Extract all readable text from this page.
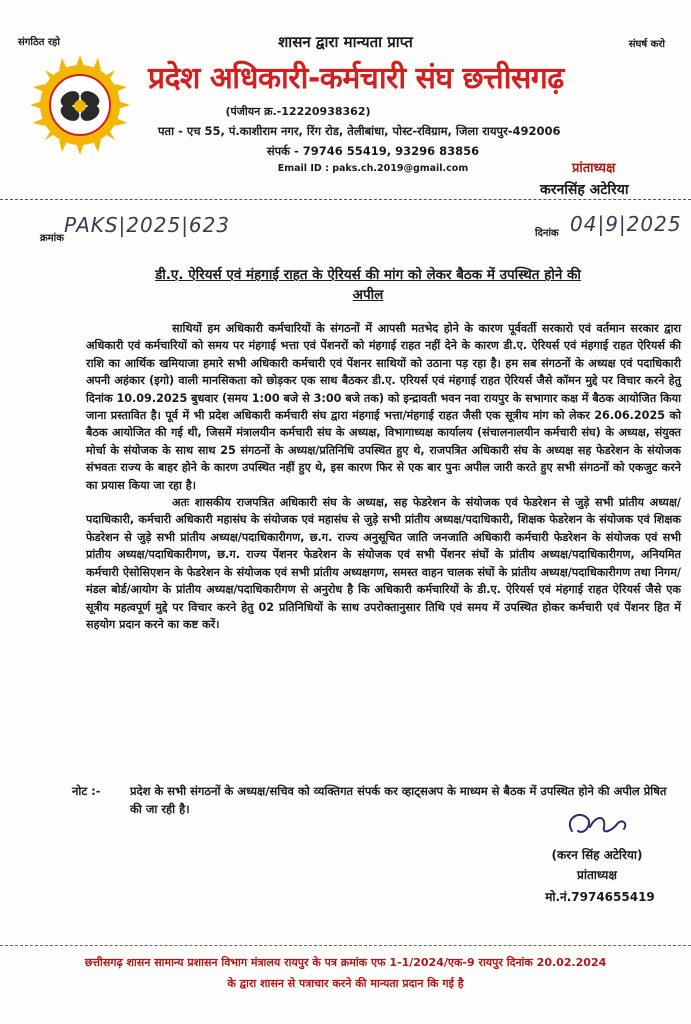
संगठित रहो	शासन द्वारा मान्यता प्राप्त	संघर्ष करो
प्रदेश अधिकारी-कर्मचारी संघ छत्तीसगढ़
(पंजीयन क्र.-12220938362)
पता - एच 55, पं.काशीराम नगर, रिंग रोड, तेलीबांधा, पोस्ट-रविग्राम, जिला रायपुर-492006
संपर्क - 79746 55419, 93296 83856
Email ID : paks.ch.2019@gmail.com	प्रांताध्यक्ष
करनसिंह अटेरिया
क्रमांक
PAKS|2025|623	दिनांक 04|9|2025
डी.ए. ऐरियर्स एवं मंहगाई राहत के ऐरियर्स की मांग को लेकर बैठक में उपस्थित होने की
अपील

साथियों हम अधिकारी कर्मचारियों के संगठनों में आपसी मतभेद होने के कारण पूर्ववर्ती सरकारो एवं वर्तमान सरकार द्वारा अधिकारी एवं कर्मचारियों को समय पर मंहगाई भत्ता एवं पेंशनरों को मंहगाई राहत नहीं देने के कारण डी.ए. ऐरियर्स एवं मंहगाई राहत ऐरियर्स की राशि का आर्थिक खमियाजा हमारे सभी अधिकारी कर्मचारी एवं पेंशनर साथियों को उठाना पड़ रहा है। हम सब संगठनों के अध्यक्ष एवं पदाधिकारी अपनी अहंकार (इगो) वाली मानसिकता को छोड़कर एक साथ बैठकर डी.ए. एरियर्स एवं मंहगाई राहत ऐरियर्स जैसे कॉमन मुद्दे पर विचार करने हेतु दिनांक 10.09.2025 बुधवार (समय 1:00 बजे से 3:00 बजे तक) को इन्द्रावती भवन नवा रायपुर के सभागार कक्ष में बैठक आयोजित किया जाना प्रस्तावित है। पूर्व में भी प्रदेश अधिकारी कर्मचारी संघ द्वारा मंहगाई भत्ता/मंहगाई राहत जैसी एक सूत्रीय मांग को लेकर 26.06.2025 को बैठक आयोजित की गई थी, जिसमें मंत्रालयीन कर्मचारी संघ के अध्यक्ष, विभागाध्यक्ष कार्यालय (संचालनालयीन कर्मचारी संघ) के अध्यक्ष, संयुक्त मोर्चा के संयोजक के साथ साथ 25 संगठनों के अध्यक्ष/प्रतिनिधि उपस्थित हुए थे, राजपत्रित अधिकारी संघ के अध्यक्ष सह फेडरेशन के संयोजक संभवतः राज्य के बाहर होने के कारण उपस्थित नहीं हुए थे, इस कारण फिर से एक बार पुनः अपील जारी करते हुए सभी संगठनों को एकजुट करने का प्रयास किया जा रहा है।

अतः शासकीय राजपत्रित अधिकारी संघ के अध्यक्ष, सह फेडरेशन के संयोजक एवं फेडरेशन से जुड़े सभी प्रांतीय अध्यक्ष/पदाधिकारी, कर्मचारी अधिकारी महासंघ के संयोजक एवं महासंघ से जुड़े सभी प्रांतीय अध्यक्ष/पदाधिकारी, शिक्षक फेडरेशन के संयोजक एवं शिक्षक फेडरेशन से जुड़े सभी प्रांतीय अध्यक्ष/पदाधिकारीगण, छ.ग. राज्य अनुसूचित जाति जनजाति अधिकारी कर्मचारी फेडरेशन के संयोजक एवं सभी प्रांतीय अध्यक्ष/पदाधिकारीगण, छ.ग. राज्य पेंशनर फेडरेशन के संयोजक एवं सभी पेंशनर संघों के प्रांतीय अध्यक्ष/पदाधिकारीगण, अनियमित कर्मचारी ऐसोसिएशन के फेडरेशन के संयोजक एवं सभी प्रांतीय अध्यक्षगण, समस्त वाहन चालक संघों के प्रांतीय अध्यक्ष/पदाधिकारीगण तथा निगम/मंडल बोर्ड/आयोग के प्रांतीय अध्यक्ष/पदाधिकारीगण से अनुरोध है कि अधिकारी कर्मचारियों के डी.ए. ऐरियर्स एवं मंहगाई राहत ऐरियर्स जैसे एक सूत्रीय महत्वपूर्ण मुद्दे पर विचार करने हेतु 02 प्रतिनिधियों के साथ उपरोक्तानुसार तिथि एवं समय में उपस्थित होकर कर्मचारी एवं पेंशनर हित में सहयोग प्रदान करने का कष्ट करें।

नोट :-	प्रदेश के सभी संगठनों के अध्यक्ष/सचिव को व्यक्तिगत संपर्क कर व्हाट्सअप के माध्यम से बैठक में उपस्थित होने की अपील प्रेषित की जा रही है।
(करन सिंह अटेरिया)
प्रांताध्यक्ष
मो.नं.7974655419
छत्तीसगढ़ शासन सामान्य प्रशासन विभाग मंत्रालय रायपुर के पत्र क्रमांक एफ 1-1/2024/एक-9 रायपुर दिनांक 20.02.2024
के द्वारा शासन से पत्राचार करने की मान्यता प्रदान कि गई है
